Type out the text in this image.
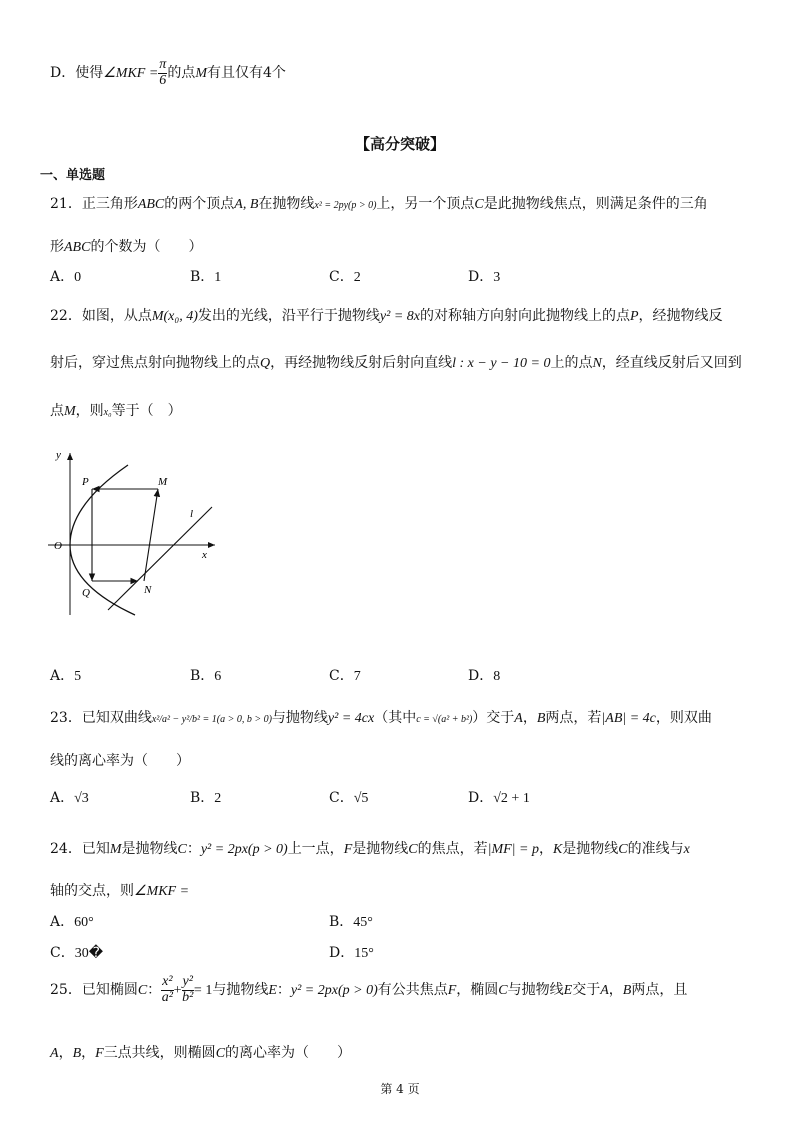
D．使得∠MKF = $\frac{\pi}{6}$ 的点M有且仅有4个
【高分突破】
一、单选题
21．正三角形ABC的两个顶点A, B在抛物线x² = 2py(p > 0)上，另一个顶点C是此抛物线焦点，则满足条件的三角
形ABC的个数为（　　）
A．0	B．1	C．2	D．3
22．如图，从点M(x₀, 4)发出的光线，沿平行于抛物线y² = 8x的对称轴方向射向此抛物线上的点P，经抛物线反
射后，穿过焦点射向抛物线上的点Q，再经抛物线反射后射向直线l : x − y − 10 = 0上的点N，经直线反射后又回到
点M，则x₀等于（　）
y
x
O
P	M
Q	N
l
A．5	B．6	C．7	D．8
23．已知双曲线x²/a² − y²/b² = 1(a > 0, b > 0)与抛物线y² = 4cx（其中c = √(a² + b²)）交于A，B两点，若|AB| = 4c，则双曲
线的离心率为（　　）
A．√3	B．2	C．√5	D．√2 + 1
24．已知M是抛物线C：y² = 2px(p > 0)上一点，F是抛物线C的焦点，若|MF| = p，K是抛物线C的准线与x
轴的交点，则∠MKF =
A．60°	B．45°
C．30�	D．15°
25．已知椭圆C： $\frac{\text{x²}}{\text{a²}} + \frac{\text{y²}}{\text{b²}} = 1$与抛物线E：y² = 2px(p > 0)有公共焦点F，椭圆C与抛物线E交于A，B两点，且
A，B，F三点共线，则椭圆C的离心率为（　　）
第 4 页
